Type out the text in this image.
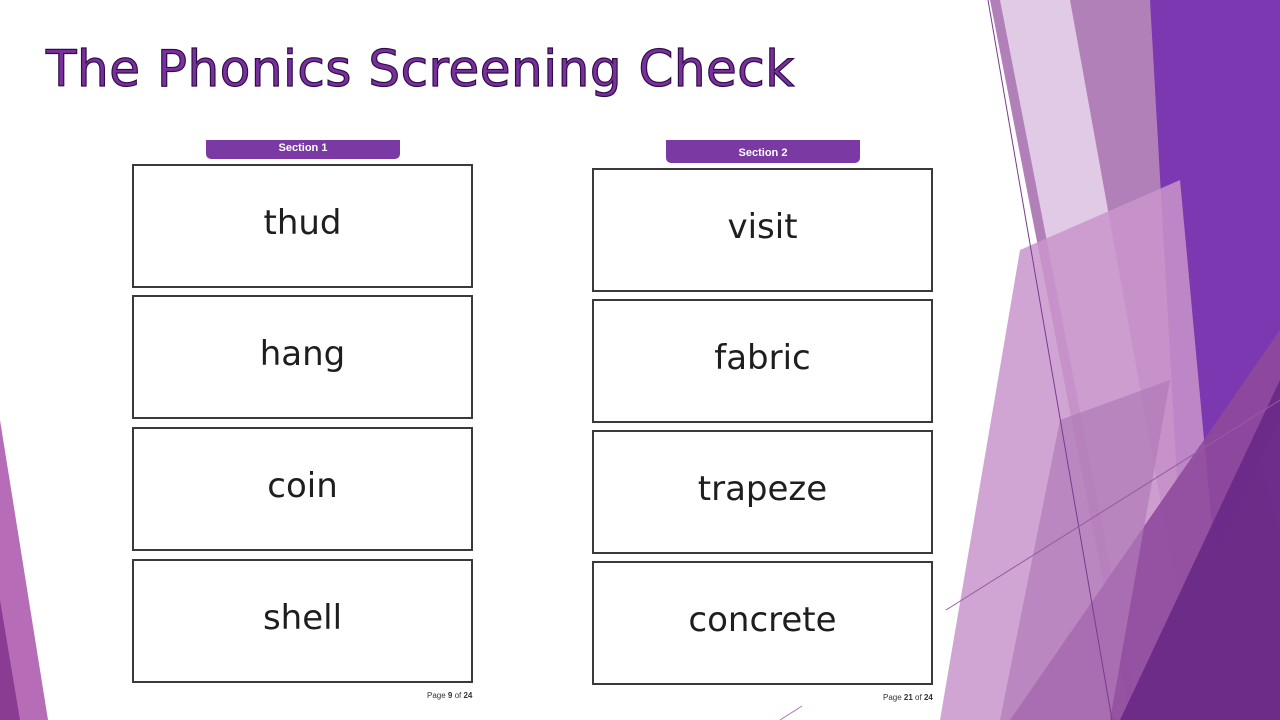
The Phonics Screening Check
Section 1
thud
hang
coin
shell
Page 9 of 24
Section 2
visit
fabric
trapeze
concrete
Page 21 of 24
